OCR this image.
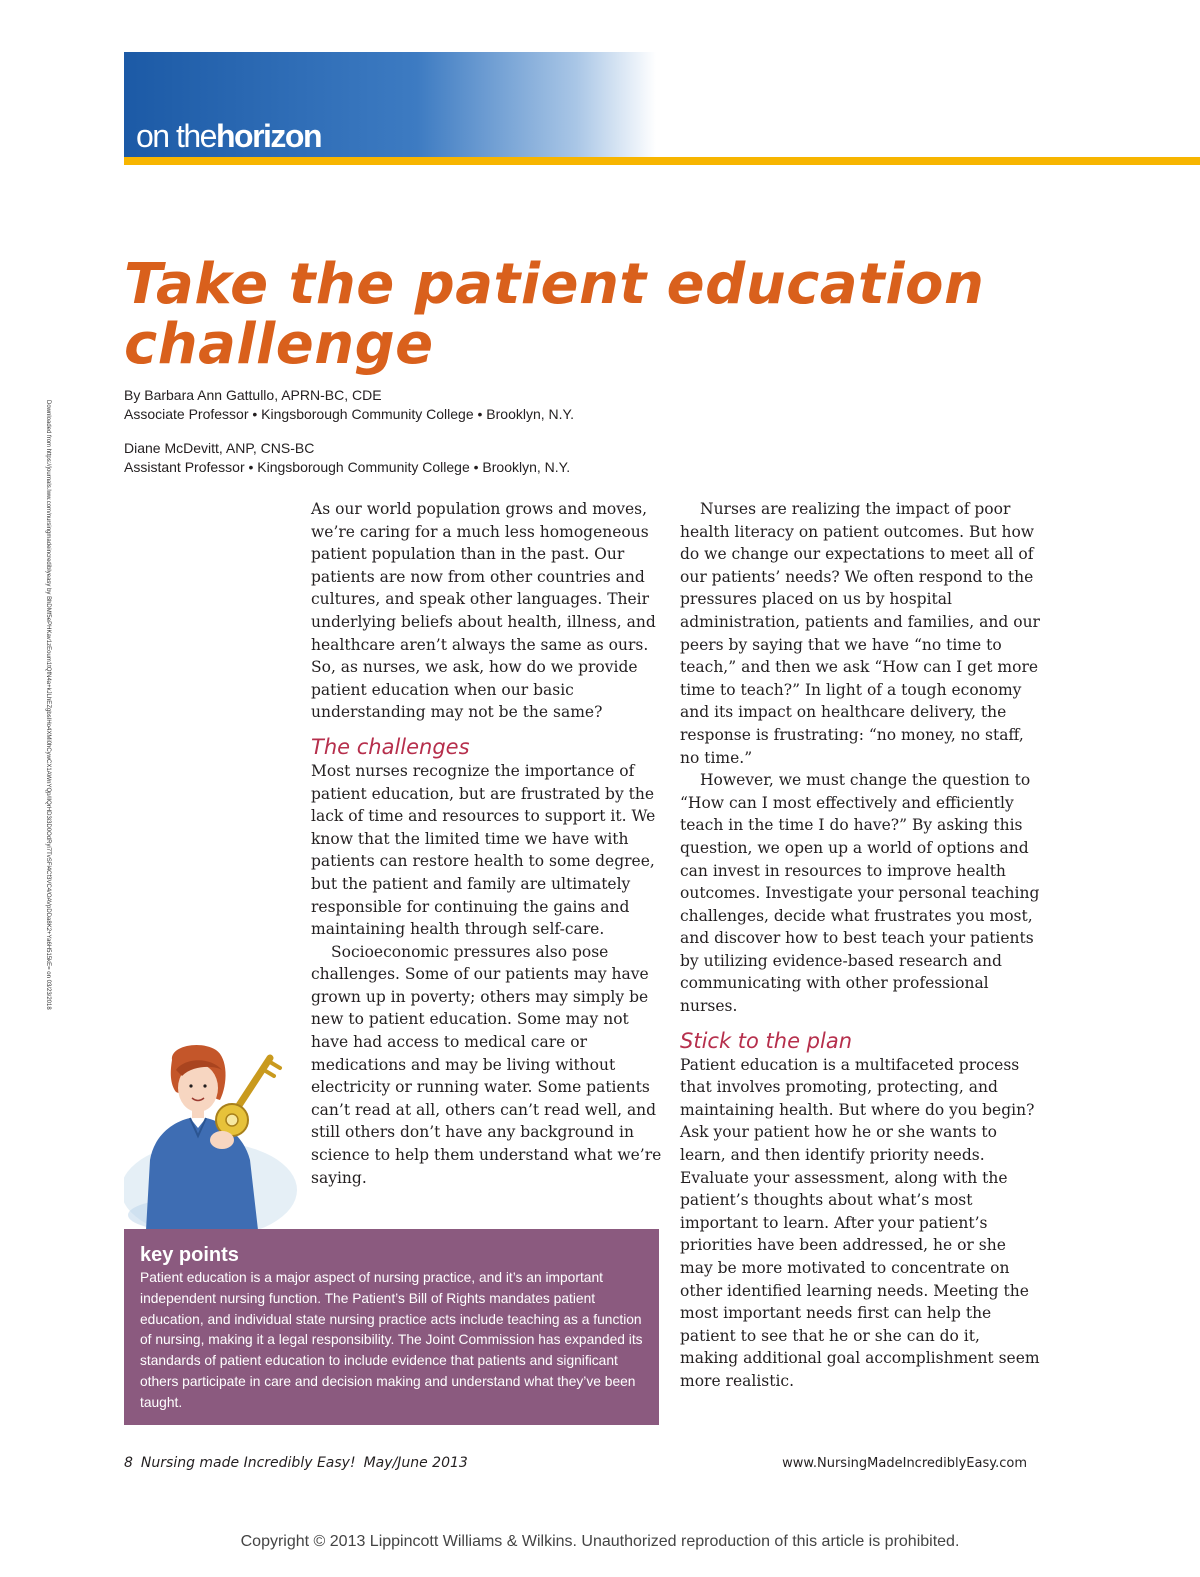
on thehorizon
Downloaded from https://journals.lww.com/nursingmadeincrediblyeasy by BhDMf5ePHKav1zEoum1tQfN4a+kJLhEZgbsIHo4XMi0hCywCX1AWnYQp/IlQrHD3i3D0OdRyi7TvSFl4Cf3VC4/OAVpDDa8K2+Ya6H515kE= on 03/23/2018
Take the patient education challenge

By Barbara Ann Gattullo, APRN-BC, CDE

Associate Professor • Kingsborough Community College • Brooklyn, N.Y.

Diane McDevitt, ANP, CNS-BC

Assistant Professor • Kingsborough Community College • Brooklyn, N.Y.

As our world population grows and moves, we’re caring for a much less homogeneous patient population than in the past. Our patients are now from other countries and cultures, and speak other languages. Their underlying beliefs about health, illness, and healthcare aren’t always the same as ours. So, as nurses, we ask, how do we provide patient education when our basic understanding may not be the same?

The challenges

Most nurses recognize the importance of patient education, but are frustrated by the lack of time and resources to support it. We know that the limited time we have with patients can restore health to some degree, but the patient and family are ultimately responsible for continuing the gains and maintaining health through self-care.

Socioeconomic pressures also pose challenges. Some of our patients may have grown up in poverty; others may simply be new to patient education. Some may not have had access to medical care or medications and may be living without electricity or running water. Some patients can’t read at all, others can’t read well, and still others don’t have any background in science to help them understand what we’re saying.

Nurses are realizing the impact of poor health literacy on patient outcomes. But how do we change our expectations to meet all of our patients’ needs? We often respond to the pressures placed on us by hospital administration, patients and families, and our peers by saying that we have “no time to teach,” and then we ask “How can I get more time to teach?” In light of a tough economy and its impact on healthcare delivery, the response is frustrating: “no money, no staff, no time.”

However, we must change the question to “How can I most effectively and efficiently teach in the time I do have?” By asking this question, we open up a world of options and can invest in resources to improve health outcomes. Investigate your personal teaching challenges, decide what frustrates you most, and discover how to best teach your patients by utilizing evidence-based research and communicating with other professional nurses.

Stick to the plan

Patient education is a multifaceted process that involves promoting, protecting, and maintaining health. But where do you begin? Ask your patient how he or she wants to learn, and then identify priority needs. Evaluate your assessment, along with the patient’s thoughts about what’s most important to learn. After your patient’s priorities have been addressed, he or she may be more motivated to concentrate on other identified learning needs. Meeting the most important needs first can help the patient to see that he or she can do it, making additional goal accomplishment seem more realistic.

key points

Patient education is a major aspect of nursing practice, and it’s an important independent nursing function. The Patient’s Bill of Rights mandates patient education, and individual state nursing practice acts include teaching as a function of nursing, making it a legal responsibility. The Joint Commission has expanded its standards of patient education to include evidence that patients and significant others participate in care and decision making and understand what they’ve been taught.

8 Nursing made Incredibly Easy! May/June 2013	www.NursingMadeIncrediblyEasy.com
Copyright © 2013 Lippincott Williams & Wilkins. Unauthorized reproduction of this article is prohibited.
